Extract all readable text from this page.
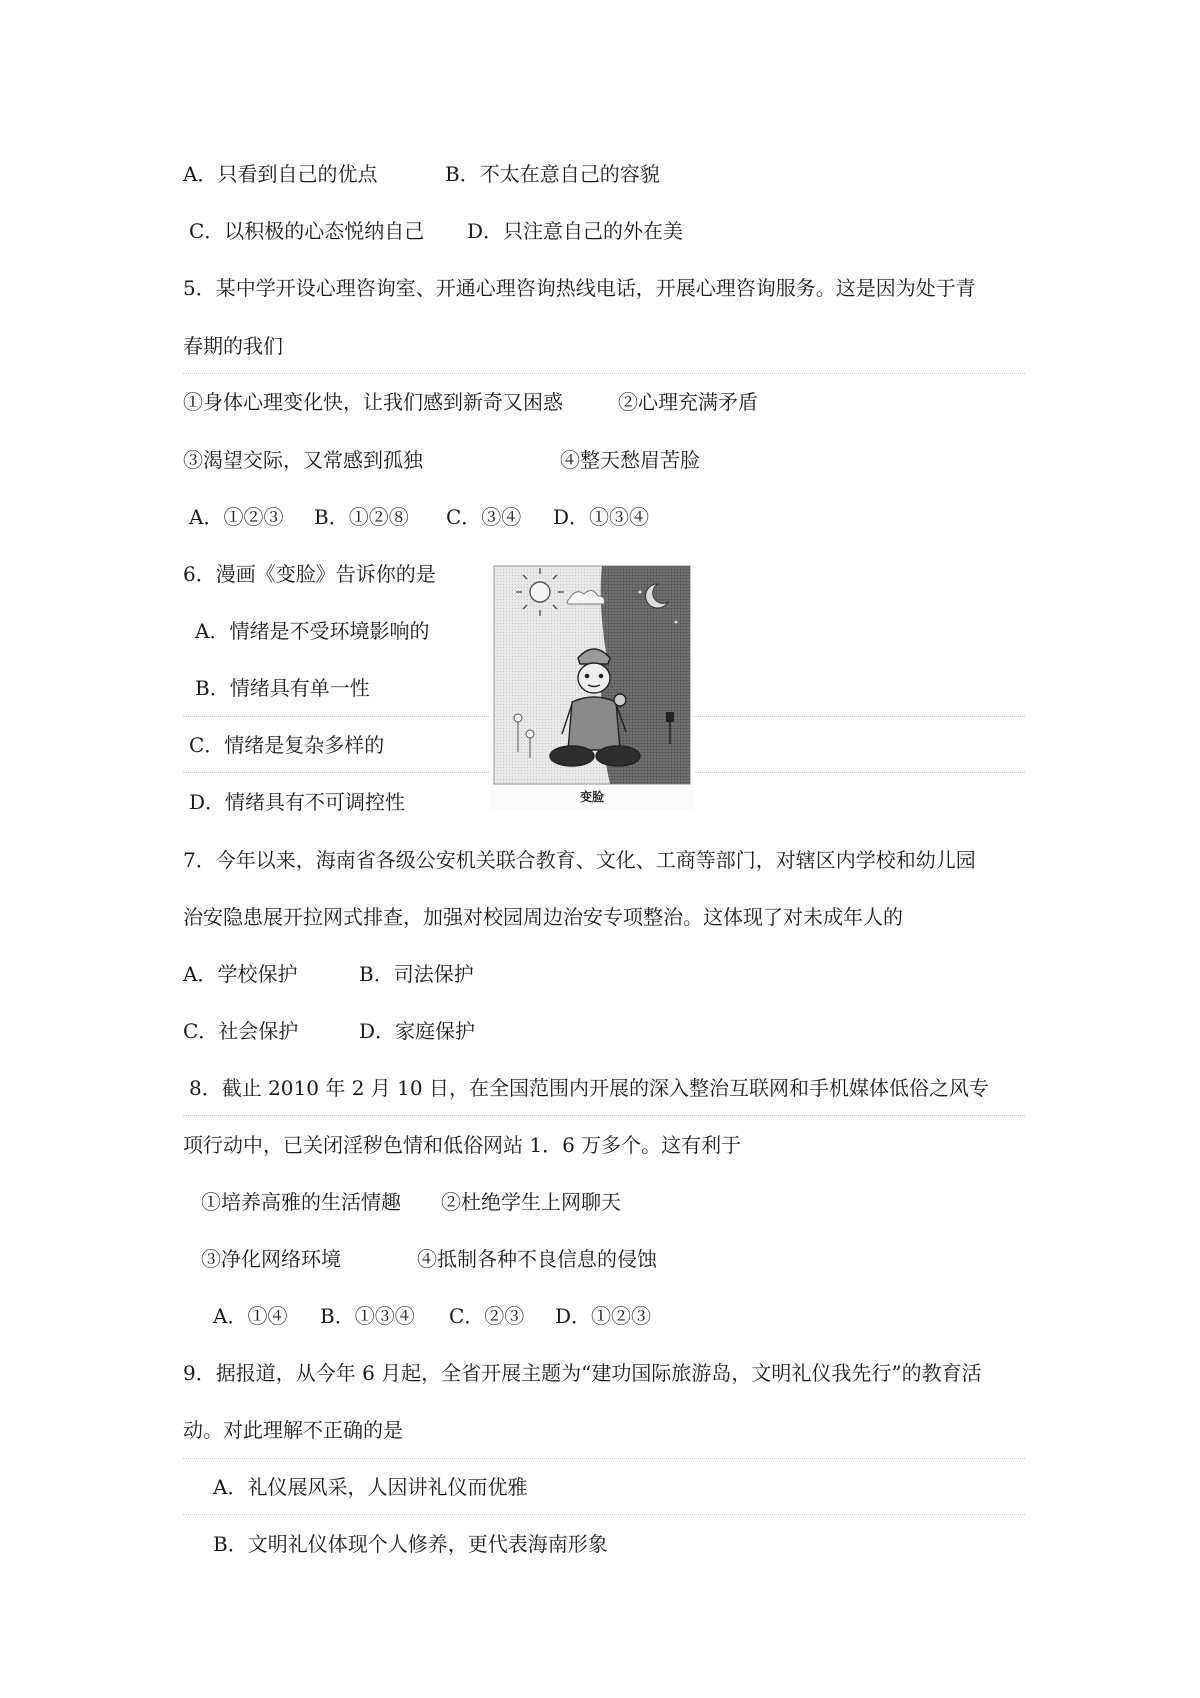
A．只看到自己的优点	B．不太在意自己的容貌
C．以积极的心态悦纳自己 D．只注意自己的外在美
5．某中学开设心理咨询室、开通心理咨询热线电话，开展心理咨询服务。这是因为处于青
春期的我们
①身体心理变化快，让我们感到新奇又困惑	②心理充满矛盾
③渴望交际，又常感到孤独	④整天愁眉苦脸
A．①②③ B．①②⑧ C．③④ D．①③④
6．漫画《变脸》告诉你的是
A．情绪是不受环境影响的
B．情绪具有单一性
C．情绪是复杂多样的
D．情绪具有不可调控性	变脸
7．今年以来，海南省各级公安机关联合教育、文化、工商等部门，对辖区内学校和幼儿园
治安隐患展开拉网式排查，加强对校园周边治安专项整治。这体现了对未成年人的
A．学校保护	B．司法保护
C．社会保护	D．家庭保护
8．截止 2010 年 2 月 10 日，在全国范围内开展的深入整治互联网和手机媒体低俗之风专
项行动中，已关闭淫秽色情和低俗网站 1．6 万多个。这有利于
①培养高雅的生活情趣 ②杜绝学生上网聊天
③净化网络环境	④抵制各种不良信息的侵蚀
A．①④ B．①③④ C．②③ D．①②③
9．据报道，从今年 6 月起，全省开展主题为“建功国际旅游岛，文明礼仪我先行”的教育活
动。对此理解不正确的是
A．礼仪展风采，人因讲礼仪而优雅
B．文明礼仪体现个人修养，更代表海南形象
